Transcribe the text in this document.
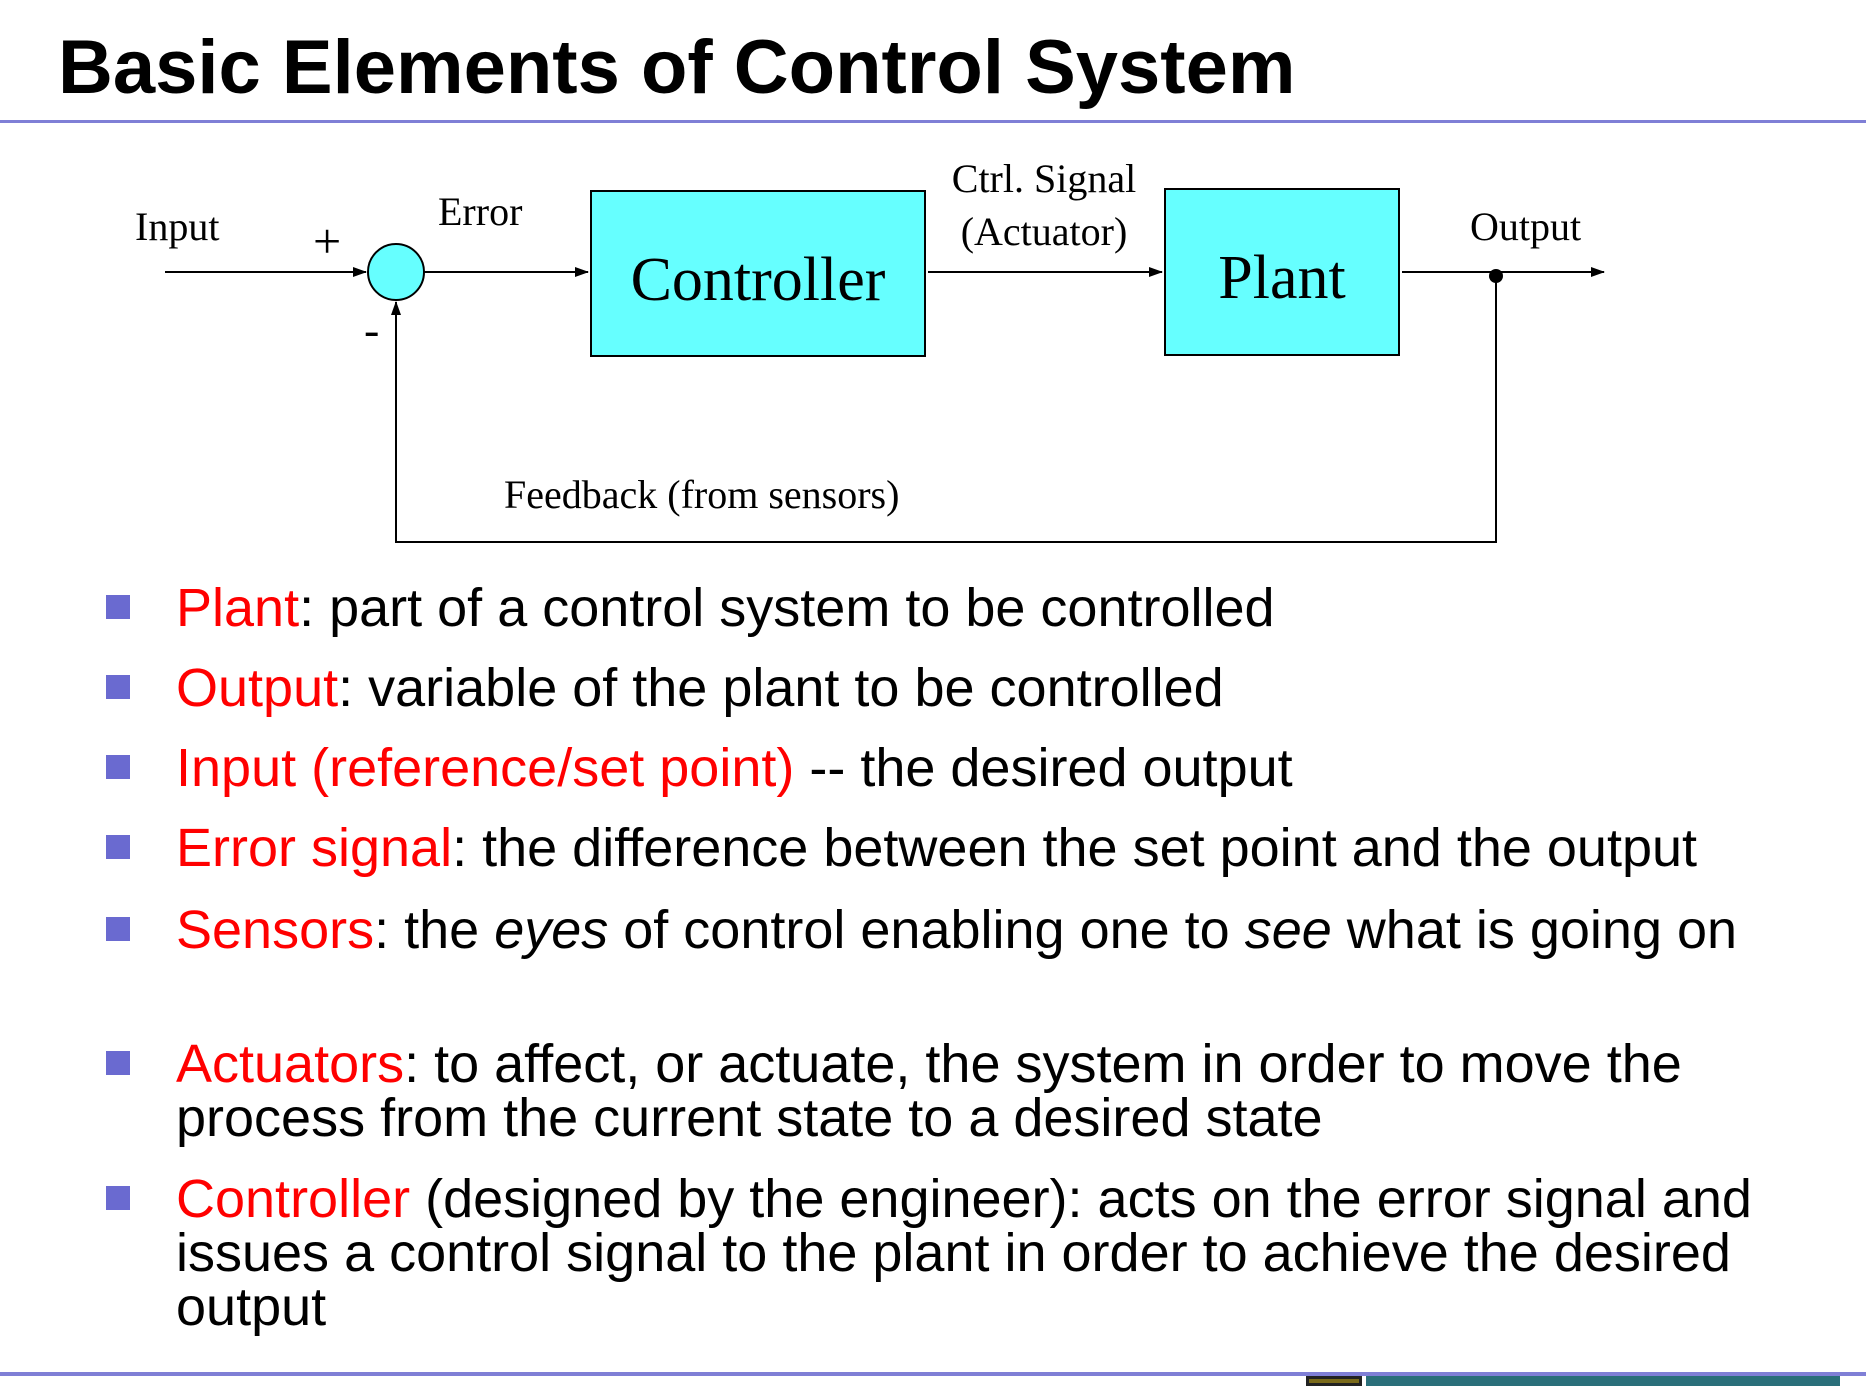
Basic Elements of Control System
Input +
-
Error
Controller
Ctrl. Signal
(Actuator)
Plant
Output
Feedback (from sensors)
Plant: part of a control system to be controlled
Output: variable of the plant to be controlled
Input (reference/set point) -- the desired output
Error signal: the difference between the set point and the output
Sensors: the eyes of control enabling one to see what is going on
Actuators: to affect, or actuate, the system in order to move the process from the current state to a desired state
Controller (designed by the engineer): acts on the error signal and issues a control signal to the plant in order to achieve the desired output
